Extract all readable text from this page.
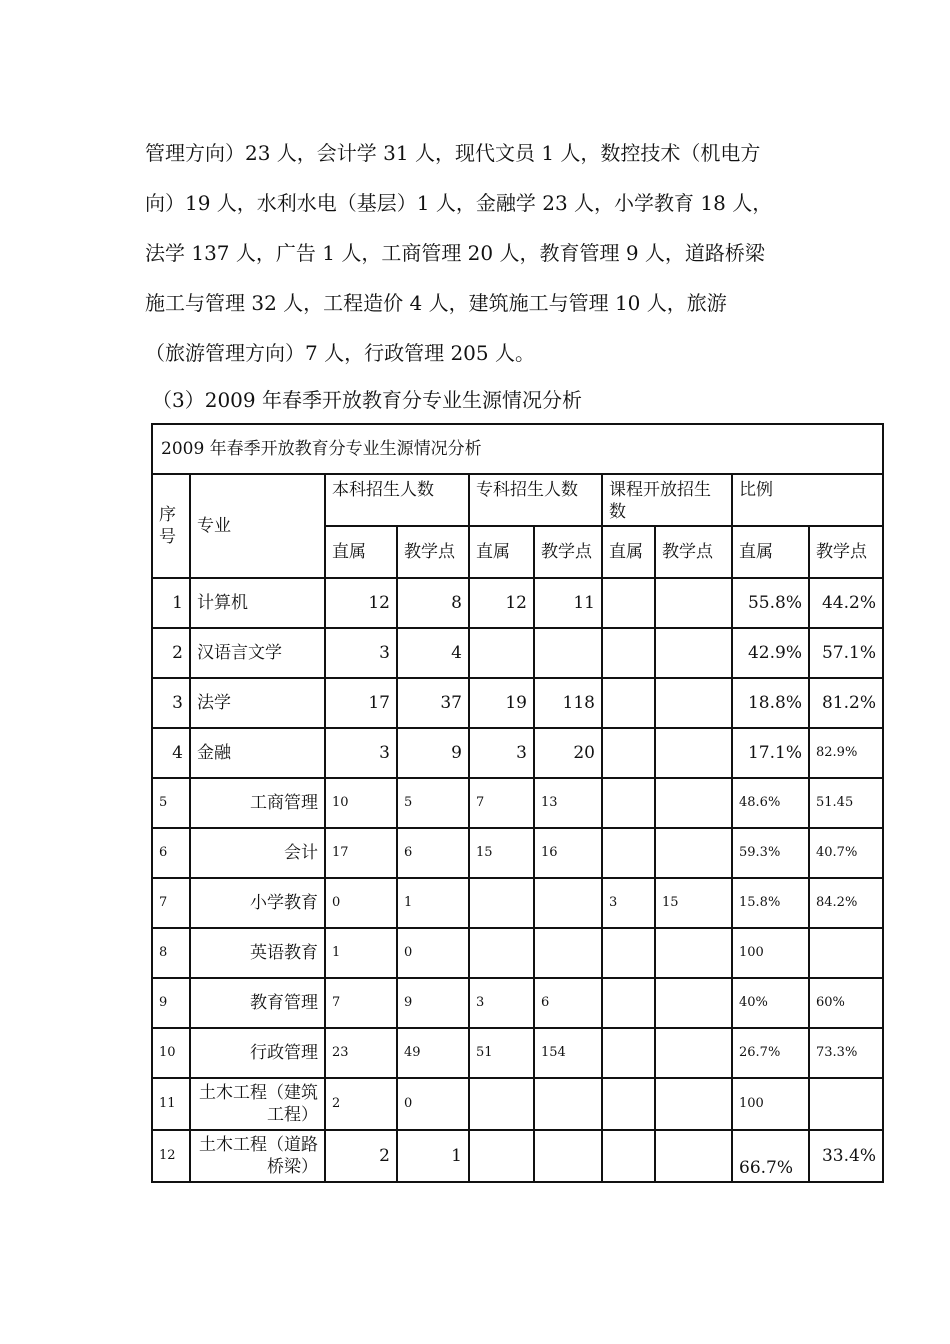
管理方向）23 人，会计学 31 人，现代文员 1 人，数控技术（机电方

向）19 人，水利水电（基层）1 人，金融学 23 人，小学教育 18 人，

法学 137 人，广告 1 人，工商管理 20 人，教育管理 9 人，道路桥梁

施工与管理 32 人，工程造价 4 人，建筑施工与管理 10 人，旅游

（旅游管理方向）7 人，行政管理 205 人。

（3）2009 年春季开放教育分专业生源情况分析
2009 年春季开放教育分专业生源情况分析									
序号	专业	本科招生人数		专科招生人数		课程开放招生数		比例	
		直属	教学点	直属	教学点	直属	教学点	直属	教学点
1	计算机	12	8	12	11			55.8%	44.2%
2	汉语言文学	3	4					42.9%	57.1%
3	法学	17	37	19	118			18.8%	81.2%
4	金融	3	9	3	20			17.1%	82.9%
5	工商管理	10	5	7	13			48.6%	51.45
6	会计	17	6	15	16			59.3%	40.7%
7	小学教育	0	1			3	15	15.8%	84.2%
8	英语教育	1	0					100	
9	教育管理	7	9	3	6			40%	60%
10	行政管理	23	49	51	154			26.7%	73.3%
11	土木工程（建筑工程）	2	0					100	
12	土木工程（道路桥梁）	2	1					66.7%	33.4%
